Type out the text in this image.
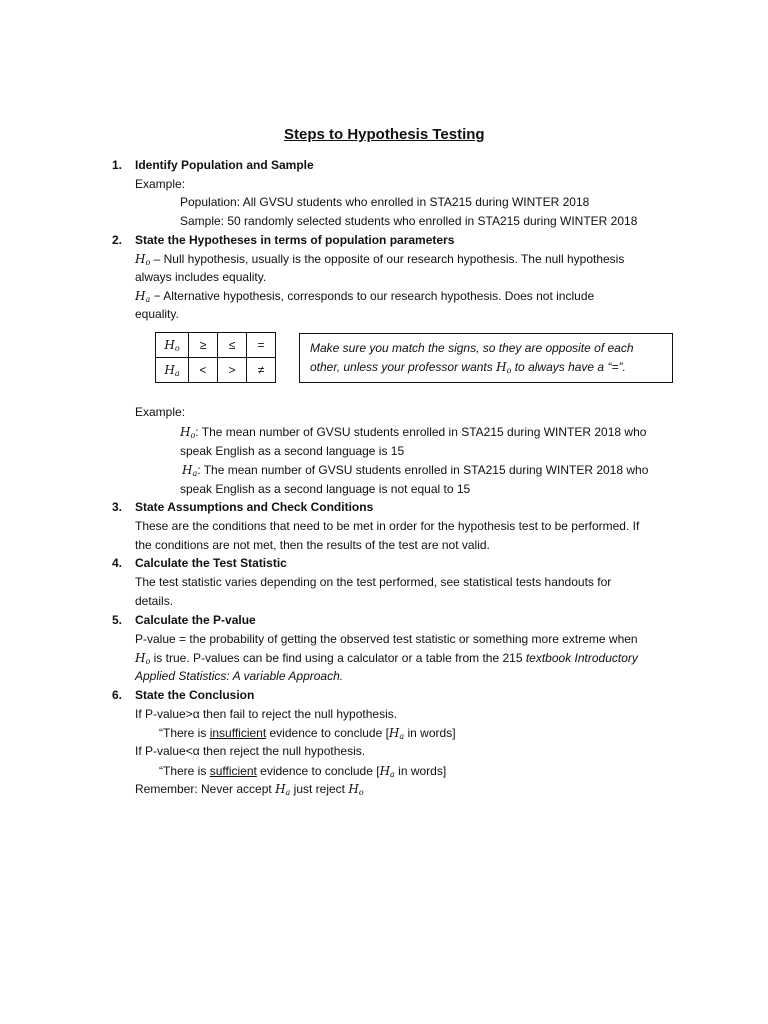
Steps to Hypothesis Testing
1. Identify Population and Sample
Example:
Population: All GVSU students who enrolled in STA215 during WINTER 2018
Sample: 50 randomly selected students who enrolled in STA215 during WINTER 2018
2. State the Hypotheses in terms of population parameters
$H_o$ – Null hypothesis, usually is the opposite of our research hypothesis. The null hypothesis
always includes equality.
$H_a$ − Alternative hypothesis, corresponds to our research hypothesis. Does not include
equality.
$H_o$	≥	≤	=
$H_a$	<	>	≠
Make sure you match the signs, so they are opposite of each
other, unless your professor wants $H_o$ to always have a “=”.
Example:
$H_o$: The mean number of GVSU students enrolled in STA215 during WINTER 2018 who
speak English as a second language is 15
$H_a$: The mean number of GVSU students enrolled in STA215 during WINTER 2018 who
speak English as a second language is not equal to 15
3. State Assumptions and Check Conditions
These are the conditions that need to be met in order for the hypothesis test to be performed. If
the conditions are not met, then the results of the test are not valid.
4. Calculate the Test Statistic
The test statistic varies depending on the test performed, see statistical tests handouts for
details.
5. Calculate the P-value
P-value = the probability of getting the observed test statistic or something more extreme when
$H_o$ is true. P-values can be find using a calculator or a table from the 215 textbook Introductory
Applied Statistics: A variable Approach.
6. State the Conclusion
If P-value>α then fail to reject the null hypothesis.
“There is insufficient evidence to conclude [$H_a$ in words]
If P-value<α then reject the null hypothesis.
“There is sufficient evidence to conclude [$H_a$ in words]
Remember: Never accept $H_a$ just reject $H_o$
